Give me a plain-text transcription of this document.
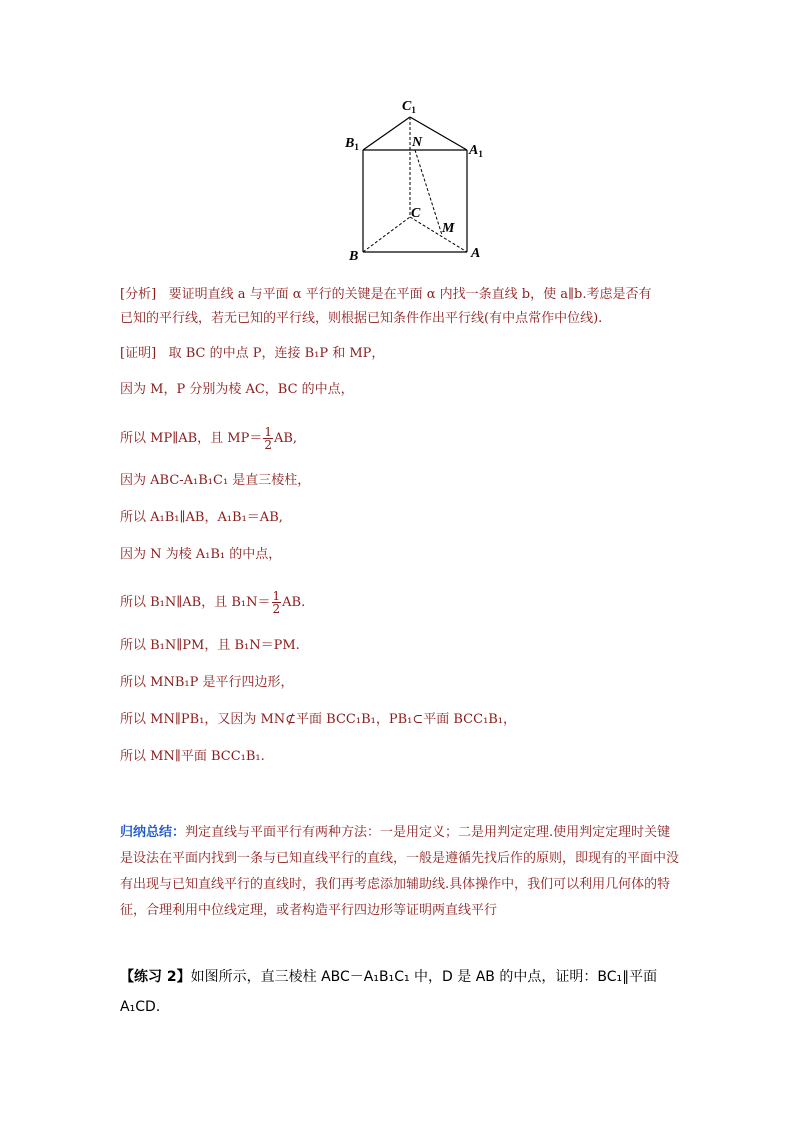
$C_1$
$B_1$	$A_1$
N
C
M
B	A
[分析] 要证明直线 a 与平面 α 平行的关键是在平面 α 内找一条直线 b，使 a∥b.考虑是否有
已知的平行线，若无已知的平行线，则根据已知条件作出平行线(有中点常作中位线).
[证明] 取 BC 的中点 P，连接 B₁P 和 MP，
因为 M，P 分别为棱 AC，BC 的中点，
所以 MP∥AB，且 $MP= \frac{1}{2}$ AB,
因为 ABC-A₁B₁C₁ 是直三棱柱，
所以 A₁B₁∥AB，A₁B₁＝AB,
因为 N 为棱 A₁B₁ 的中点，
所以 B₁N∥AB，且 $B_1N= \frac{1}{2}$ AB.
所以 B₁N∥PM，且 B₁N＝PM.
所以 MNB₁P 是平行四边形，
所以 MN∥PB₁，又因为 MN⊄平面 BCC₁B₁，PB₁⊂平面 BCC₁B₁，
所以 MN∥平面 BCC₁B₁.
归纳总结：判定直线与平面平行有两种方法：一是用定义；二是用判定定理.使用判定定理时关键是设法在平面内找到一条与已知直线平行的直线，一般是遵循先找后作的原则，即现有的平面中没有出现与已知直线平行的直线时，我们再考虑添加辅助线.具体操作中，我们可以利用几何体的特征，合理利用中位线定理，或者构造平行四边形等证明两直线平行
【练习 2】如图所示，直三棱柱 ABC－A₁B₁C₁ 中，D 是 AB 的中点，证明：BC₁∥平面 A₁CD.
